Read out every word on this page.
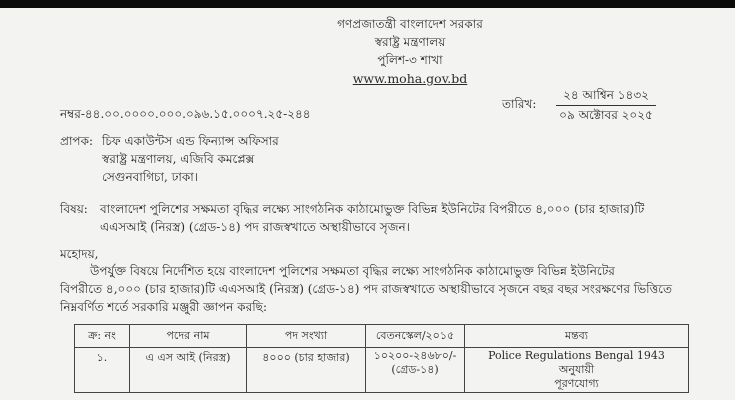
গণপ্রজাতন্ত্রী বাংলাদেশ সরকার
স্বরাষ্ট্র মন্ত্রণালয়
পুলিশ-৩ শাখা
www.moha.gov.bd
নম্বর-৪৪.০০.০০০০.০০০.০৯৬.১৫.০০০৭.২৫-২৪৪
তারিখ:
২৪ আশ্বিন ১৪৩২
০৯ অক্টোবর ২০২৫
প্রাপক: চিফ একাউন্টস এন্ড ফিন্যান্স অফিসার
স্বরাষ্ট্র মন্ত্রণালয়, এজিবি কমপ্লেক্স
সেগুনবাগিচা, ঢাকা।
বিষয়: বাংলাদেশ পুলিশের সক্ষমতা বৃদ্ধির লক্ষ্যে সাংগঠনিক কাঠামোভুক্ত বিভিন্ন ইউনিটের বিপরীতে ৪,০০০ (চার হাজার)টি
এএসআই (নিরস্ত্র) (গ্রেড-১৪) পদ রাজস্বখাতে অস্থায়ীভাবে সৃজন।
মহোদয়,
উপর্যুক্ত বিষয়ে নির্দেশিত হয়ে বাংলাদেশ পুলিশের সক্ষমতা বৃদ্ধির লক্ষ্যে সাংগঠনিক কাঠামোভুক্ত বিভিন্ন ইউনিটের
বিপরীতে ৪,০০০ (চার হাজার)টি এএসআই (নিরস্ত্র) (গ্রেড-১৪) পদ রাজস্বখাতে অস্থায়ীভাবে সৃজনে বছর বছর সংরক্ষণের ভিত্তিতে
নিম্নবর্ণিত শর্তে সরকারি মঞ্জুরী জ্ঞাপন করছি:
ক্র: নং	পদের নাম	পদ সংখ্যা	বেতনস্কেল/২০১৫	মন্তব্য
১.	এ এস আই (নিরস্ত্র)	৪০০০ (চার হাজার)	১০২০০-২৪৬৮০/-
(গ্রেড-১৪)	Police Regulations Bengal 1943
অনুযায়ী
পূরণযোগ্য
